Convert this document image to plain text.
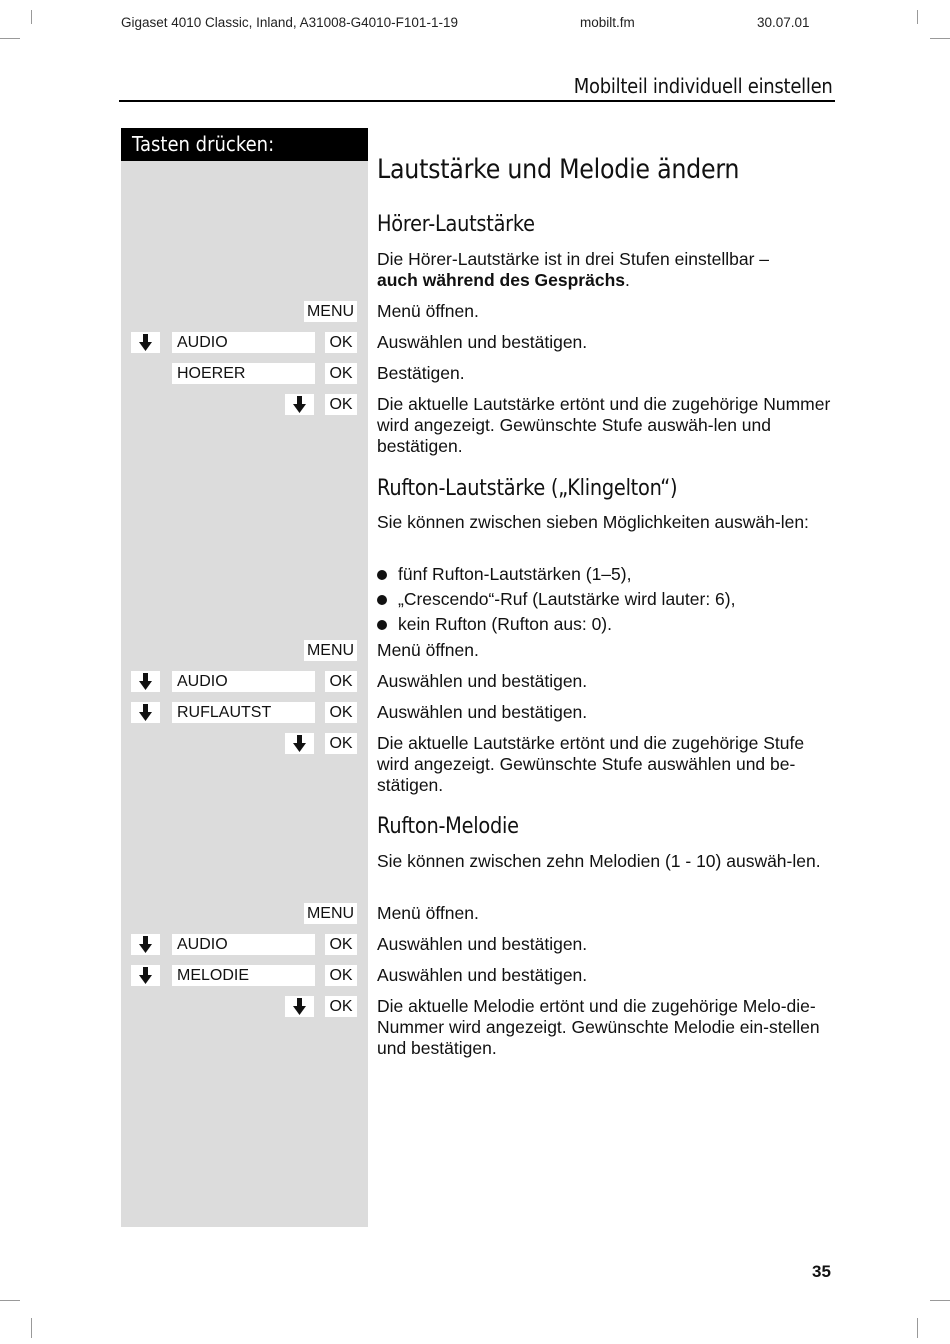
Gigaset 4010 Classic, Inland, A31008-G4010-F101-1-19	mobilt.fm	30.07.01
Mobilteil individuell einstellen
Tasten drücken:
Lautstärke und Melodie ändern
Hörer-Lautstärke
Die Hörer-Lautstärke ist in drei Stufen einstellbar –
auch während des Gesprächs.
MENU Menü öffnen.
AUDIO	OK Auswählen und bestätigen.
HOERER	OK Bestätigen.
OK Die aktuelle Lautstärke ertönt und die zugehörige Nummer wird angezeigt. Gewünschte Stufe auswäh-len und bestätigen.
Rufton-Lautstärke („Klingelton“)
Sie können zwischen sieben Möglichkeiten auswäh-len:
fünf Rufton-Lautstärken (1–5),
„Crescendo“-Ruf (Lautstärke wird lauter: 6),
kein Rufton (Rufton aus: 0).
MENU Menü öffnen.
AUDIO	OK Auswählen und bestätigen.
RUFLAUTST	OK Auswählen und bestätigen.
OK Die aktuelle Lautstärke ertönt und die zugehörige Stufe wird angezeigt. Gewünschte Stufe auswählen und be-stätigen.
Rufton-Melodie
Sie können zwischen zehn Melodien (1 - 10) auswäh-len.
MENU Menü öffnen.
AUDIO	OK Auswählen und bestätigen.
MELODIE	OK Auswählen und bestätigen.
OK Die aktuelle Melodie ertönt und die zugehörige Melo-die-Nummer wird angezeigt. Gewünschte Melodie ein-stellen und bestätigen.
35
